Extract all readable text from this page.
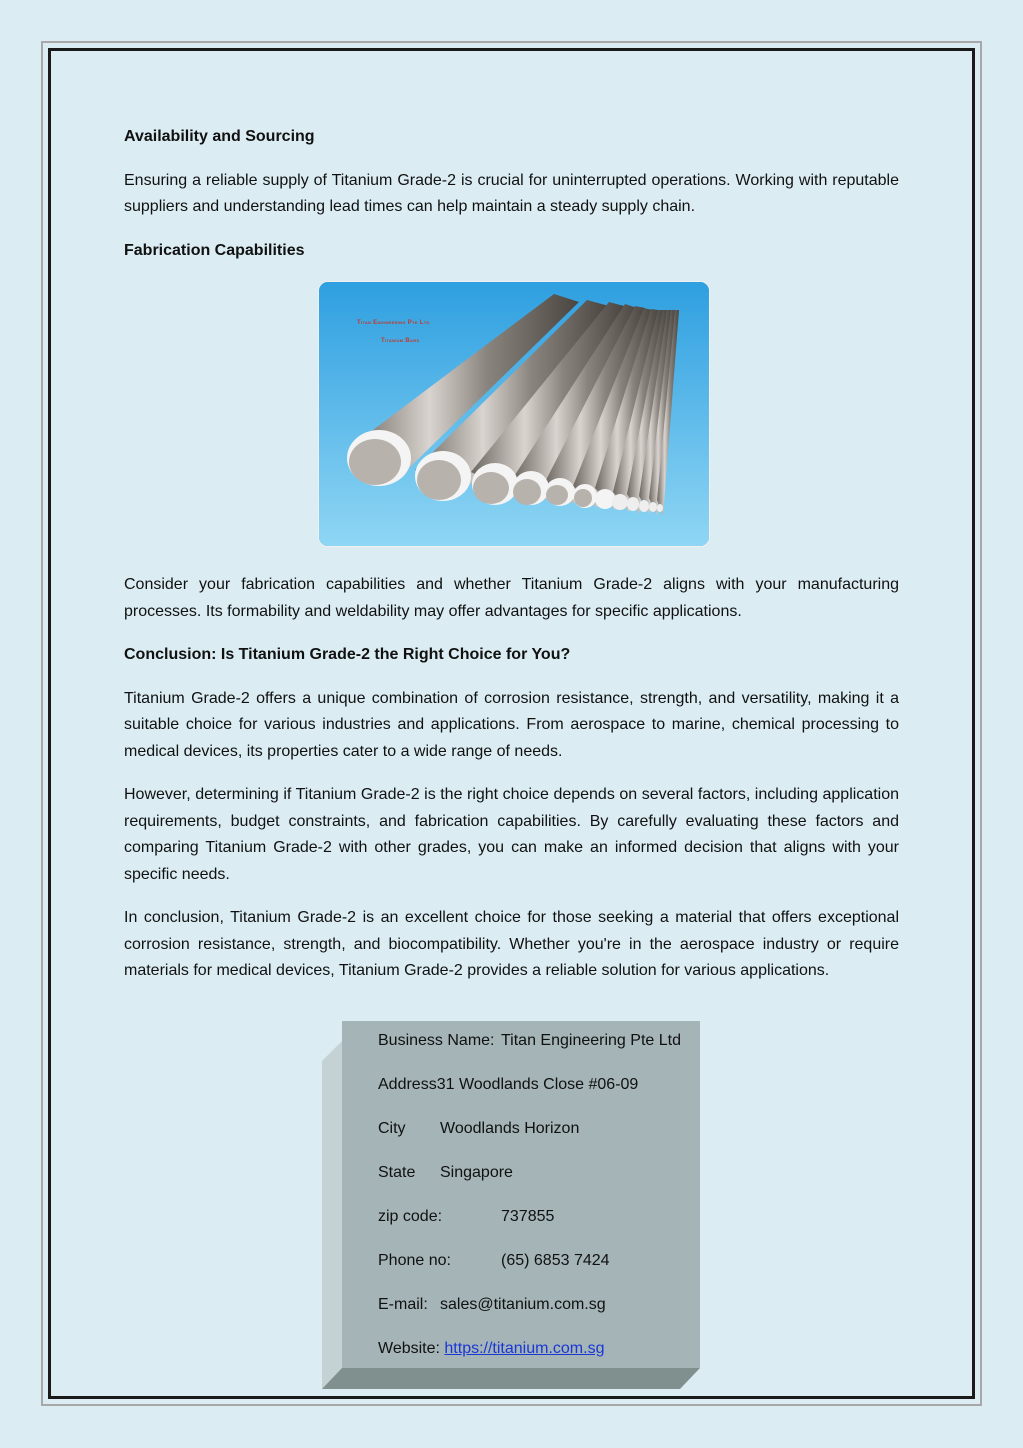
Availability and Sourcing

Ensuring a reliable supply of Titanium Grade-2 is crucial for uninterrupted operations. Working with reputable suppliers and understanding lead times can help maintain a steady supply chain.

Fabrication Capabilities

Titan Engineering Pte Ltd
Titanium Bars

Consider your fabrication capabilities and whether Titanium Grade-2 aligns with your manufacturing processes. Its formability and weldability may offer advantages for specific applications.

Conclusion: Is Titanium Grade-2 the Right Choice for You?

Titanium Grade-2 offers a unique combination of corrosion resistance, strength, and versatility, making it a suitable choice for various industries and applications. From aerospace to marine, chemical processing to medical devices, its properties cater to a wide range of needs.

However, determining if Titanium Grade-2 is the right choice depends on several factors, including application requirements, budget constraints, and fabrication capabilities. By carefully evaluating these factors and comparing Titanium Grade-2 with other grades, you can make an informed decision that aligns with your specific needs.

In conclusion, Titanium Grade-2 is an excellent choice for those seeking a material that offers exceptional corrosion resistance, strength, and biocompatibility. Whether you're in the aerospace industry or require materials for medical devices, Titanium Grade-2 provides a reliable solution for various applications.

Business Name: Titan Engineering Pte Ltd
Address31 Woodlands Close #06-09
City Woodlands Horizon
State Singapore
zip code:	737855
Phone no:	(65) 6853 7424
E-mail: sales@titanium.com.sg
Website: https://titanium.com.sg
